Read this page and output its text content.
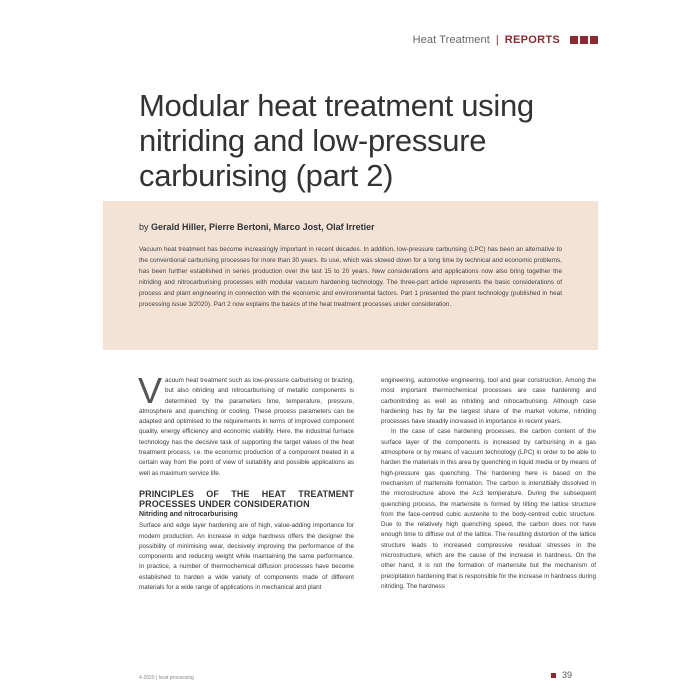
Heat Treatment | REPORTS
Modular heat treatment using nitriding and low-pressure carburising (part 2)
by Gerald Hiller, Pierre Bertoni, Marco Jost, Olaf Irretier

Vacuum heat treatment has become increasingly important in recent decades. In addition, low-pressure carburising (LPC) has been an alternative to the conventional carburising processes for more than 30 years. Its use, which was slowed down for a long time by technical and economic problems, has been further established in series production over the last 15 to 20 years. New considerations and applications now also bring together the nitriding and nitrocarburising processes with modular vacuum hardening technology. The three-part article represents the basic considerations of process and plant engineering in connection with the economic and environmental factors. Part 1 presented the plant technology (published in heat processing issue 3/2020). Part 2 now explains the basics of the heat treatment processes under consideration.

Vacuum heat treatment such as low-pressure carburising or brazing, but also nitriding and nitrocarburising of metallic components is determined by the parameters time, temperature, pressure, atmosphere and quenching or cooling. These process parameters can be adapted and optimised to the requirements in terms of improved component quality, energy efficiency and economic viability. Here, the industrial furnace technology has the decisive task of supporting the target values of the heat treatment process, i.e. the economic production of a component treated in a certain way from the point of view of suitability and possible applications as well as maximum service life.

PRINCIPLES OF THE HEAT TREATMENT PROCESSES UNDER CONSIDERATION
Nitriding and nitrocarburising

Surface and edge layer hardening are of high, value-adding importance for modern production. An increase in edge hardness offers the designer the possibility of minimising wear, decisively improving the performance of the components and reducing weight while maintaining the same performance. In practice, a number of thermochemical diffusion processes have become established to harden a wide variety of components made of different materials for a wide range of applications in mechanical and plant

engineering, automotive engineering, tool and gear construction. Among the most important thermochemical processes are case hardening and carbonitriding as well as nitriding and nitrocarburising. Although case hardening has by far the largest share of the market volume, nitriding processes have steadily increased in importance in recent years.

In the case of case hardening processes, the carbon content of the surface layer of the components is increased by carburising in a gas atmosphere or by means of vacuum technology (LPC) in order to be able to harden the materials in this area by quenching in liquid media or by means of high-pressure gas quenching. The hardening here is based on the mechanism of martensite formation. The carbon is interstitially dissolved in the microstructure above the Ac3 temperature. During the subsequent quenching process, the martensite is formed by tilting the lattice structure from the face-centred cubic austenite to the body-centred cubic structure. Due to the relatively high quenching speed, the carbon does not have enough time to diffuse out of the lattice. The resulting distortion of the lattice structure leads to increased compressive residual stresses in the microstructure, which are the cause of the increase in hardness. On the other hand, it is not the formation of martensite but the mechanism of precipitation hardening that is responsible for the increase in hardness during nitriding. The hardness

4-2020 | heat processing	39
